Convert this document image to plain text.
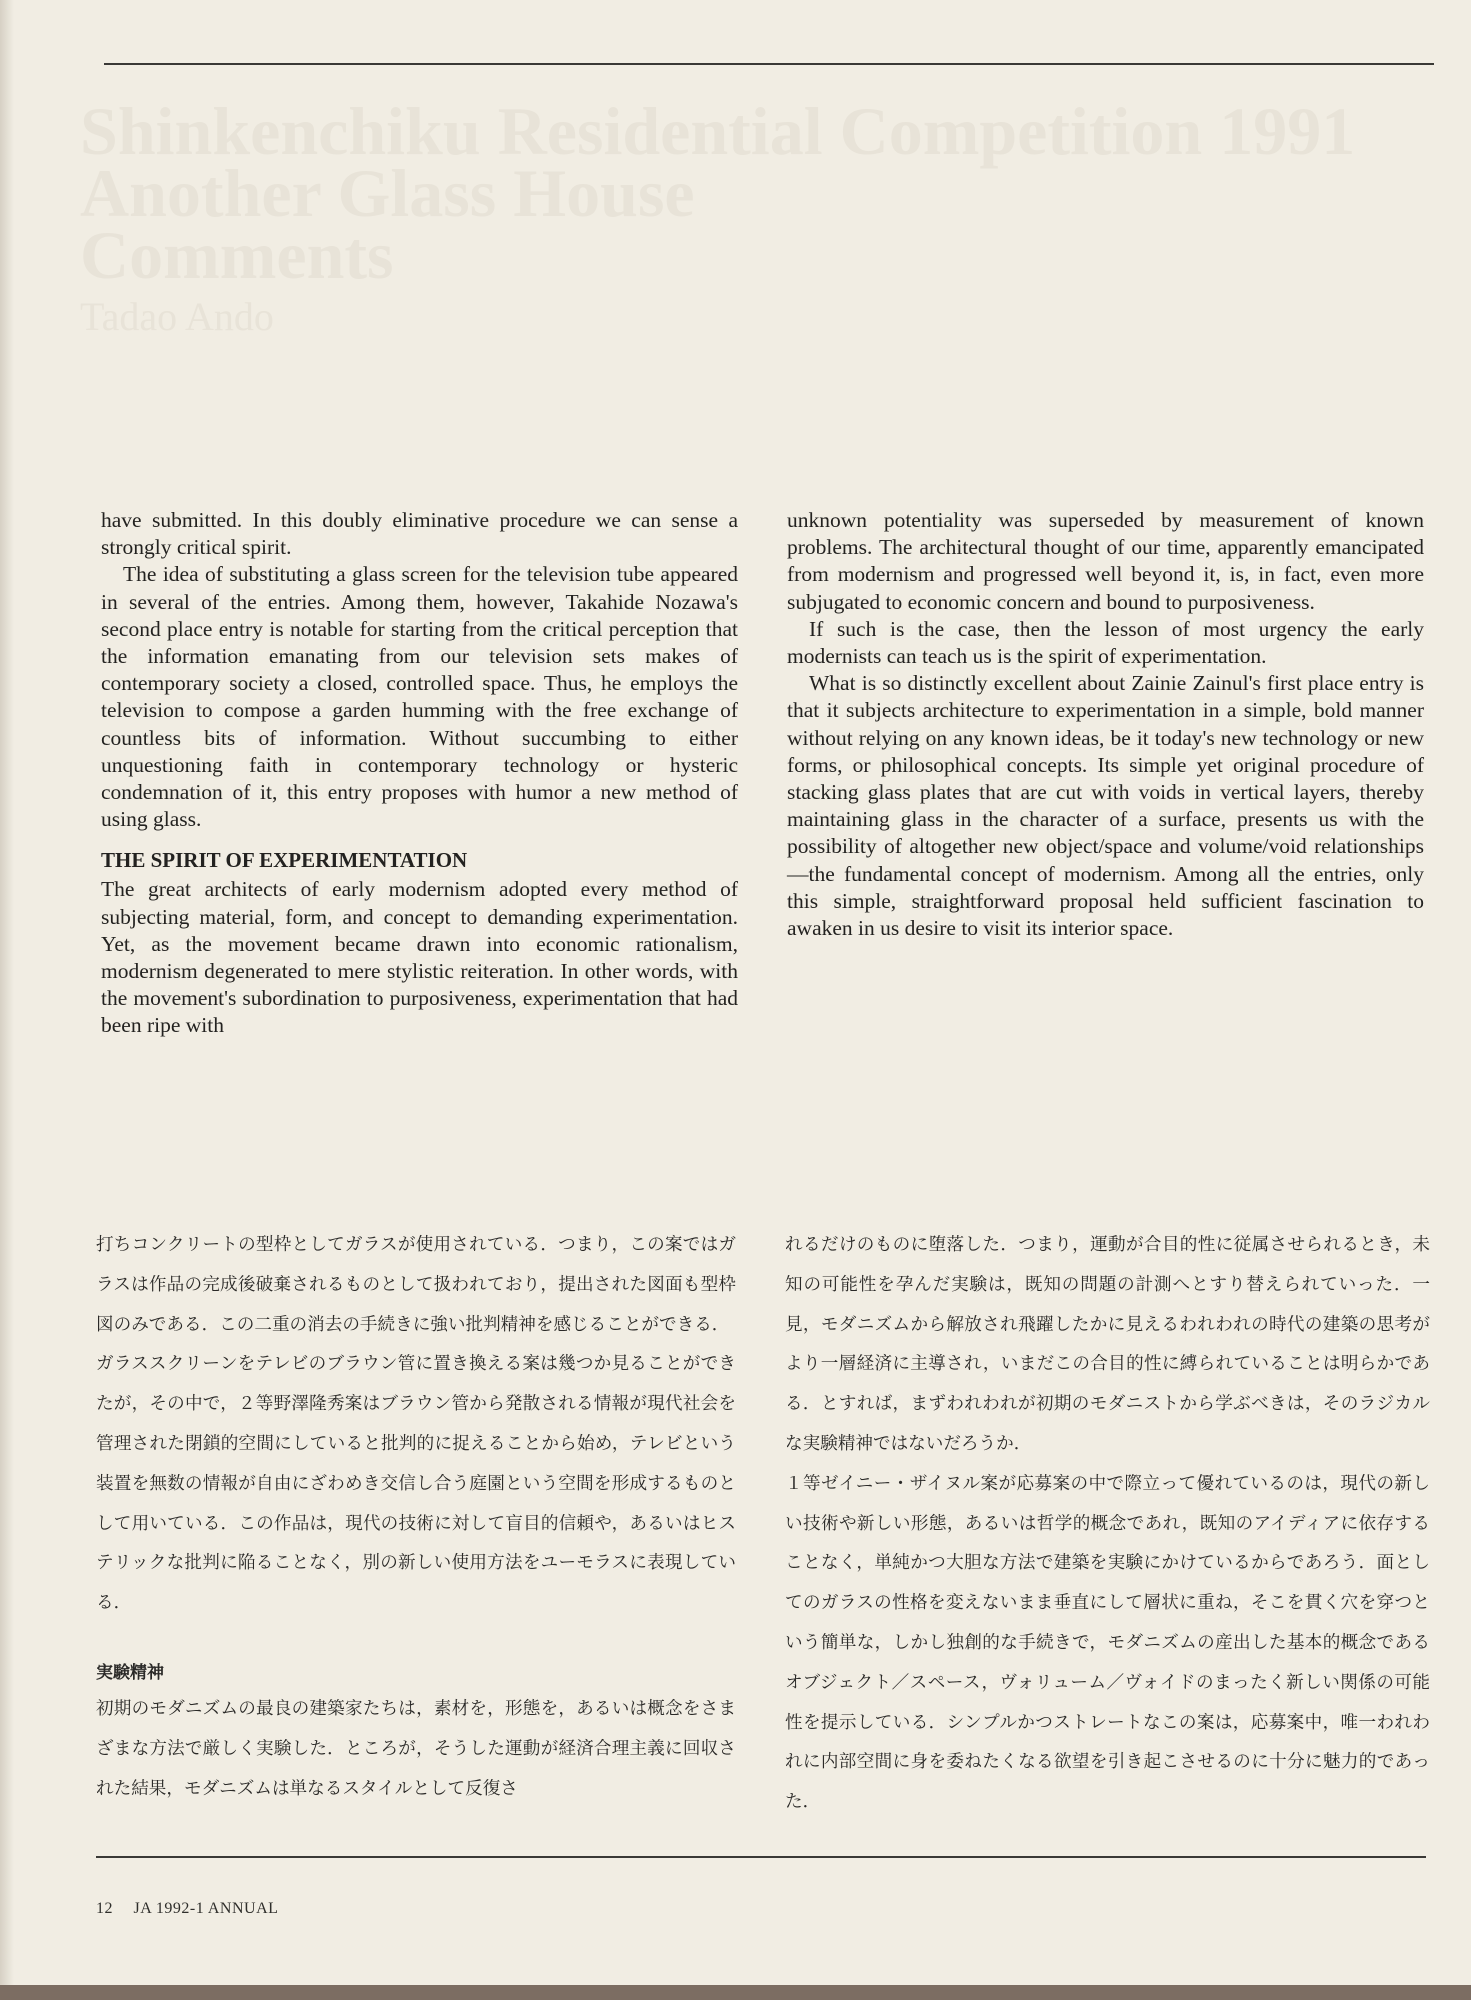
Shinkenchiku Residential Competition 1991
Another Glass House
Comments
Tadao Ando

have submitted. In this doubly eliminative procedure we can sense a strongly critical spirit.

The idea of substituting a glass screen for the television tube appeared in several of the entries. Among them, however, Takahide Nozawa's second place entry is notable for starting from the critical perception that the information emanating from our television sets makes of contemporary society a closed, controlled space. Thus, he employs the television to compose a garden humming with the free exchange of countless bits of information. Without succumbing to either unquestioning faith in contemporary technology or hysteric condemnation of it, this entry proposes with humor a new method of using glass.

THE SPIRIT OF EXPERIMENTATION

The great architects of early modernism adopted every method of subjecting material, form, and concept to demanding experimentation. Yet, as the movement became drawn into economic rationalism, modernism degenerated to mere stylistic reiteration. In other words, with the movement's subordination to purposiveness, experimentation that had been ripe with

unknown potentiality was superseded by measurement of known problems. The architectural thought of our time, apparently emancipated from modernism and progressed well beyond it, is, in fact, even more subjugated to economic concern and bound to purposiveness.

If such is the case, then the lesson of most urgency the early modernists can teach us is the spirit of experimentation.

What is so distinctly excellent about Zainie Zainul's first place entry is that it subjects architecture to experimentation in a simple, bold manner without relying on any known ideas, be it today's new technology or new forms, or philosophical concepts. Its simple yet original procedure of stacking glass plates that are cut with voids in vertical layers, thereby maintaining glass in the character of a surface, presents us with the possibility of altogether new object/space and volume/void relationships—the fundamental concept of modernism. Among all the entries, only this simple, straightforward proposal held sufficient fascination to awaken in us desire to visit its interior space.

打ちコンクリートの型枠としてガラスが使用されている．つまり，この案ではガラスは作品の完成後破棄されるものとして扱われており，提出された図面も型枠図のみである．この二重の消去の手続きに強い批判精神を感じることができる．

ガラススクリーンをテレビのブラウン管に置き換える案は幾つか見ることができたが，その中で，２等野澤隆秀案はブラウン管から発散される情報が現代社会を管理された閉鎖的空間にしていると批判的に捉えることから始め，テレビという装置を無数の情報が自由にざわめき交信し合う庭園という空間を形成するものとして用いている．この作品は，現代の技術に対して盲目的信頼や，あるいはヒステリックな批判に陥ることなく，別の新しい使用方法をユーモラスに表現している．

実験精神

初期のモダニズムの最良の建築家たちは，素材を，形態を，あるいは概念をさまざまな方法で厳しく実験した．ところが，そうした運動が経済合理主義に回収された結果，モダニズムは単なるスタイルとして反復さ

れるだけのものに堕落した．つまり，運動が合目的性に従属させられるとき，未知の可能性を孕んだ実験は，既知の問題の計測へとすり替えられていった．一見，モダニズムから解放され飛躍したかに見えるわれわれの時代の建築の思考がより一層経済に主導され，いまだこの合目的性に縛られていることは明らかである．とすれば，まずわれわれが初期のモダニストから学ぶべきは，そのラジカルな実験精神ではないだろうか．

１等ゼイニー・ザイヌル案が応募案の中で際立って優れているのは，現代の新しい技術や新しい形態，あるいは哲学的概念であれ，既知のアイディアに依存することなく，単純かつ大胆な方法で建築を実験にかけているからであろう．面としてのガラスの性格を変えないまま垂直にして層状に重ね，そこを貫く穴を穿つという簡単な，しかし独創的な手続きで，モダニズムの産出した基本的概念であるオブジェクト／スペース，ヴォリューム／ヴォイドのまったく新しい関係の可能性を提示している．シンプルかつストレートなこの案は，応募案中，唯一われわれに内部空間に身を委ねたくなる欲望を引き起こさせるのに十分に魅力的であった．

12 JA 1992-1 ANNUAL
